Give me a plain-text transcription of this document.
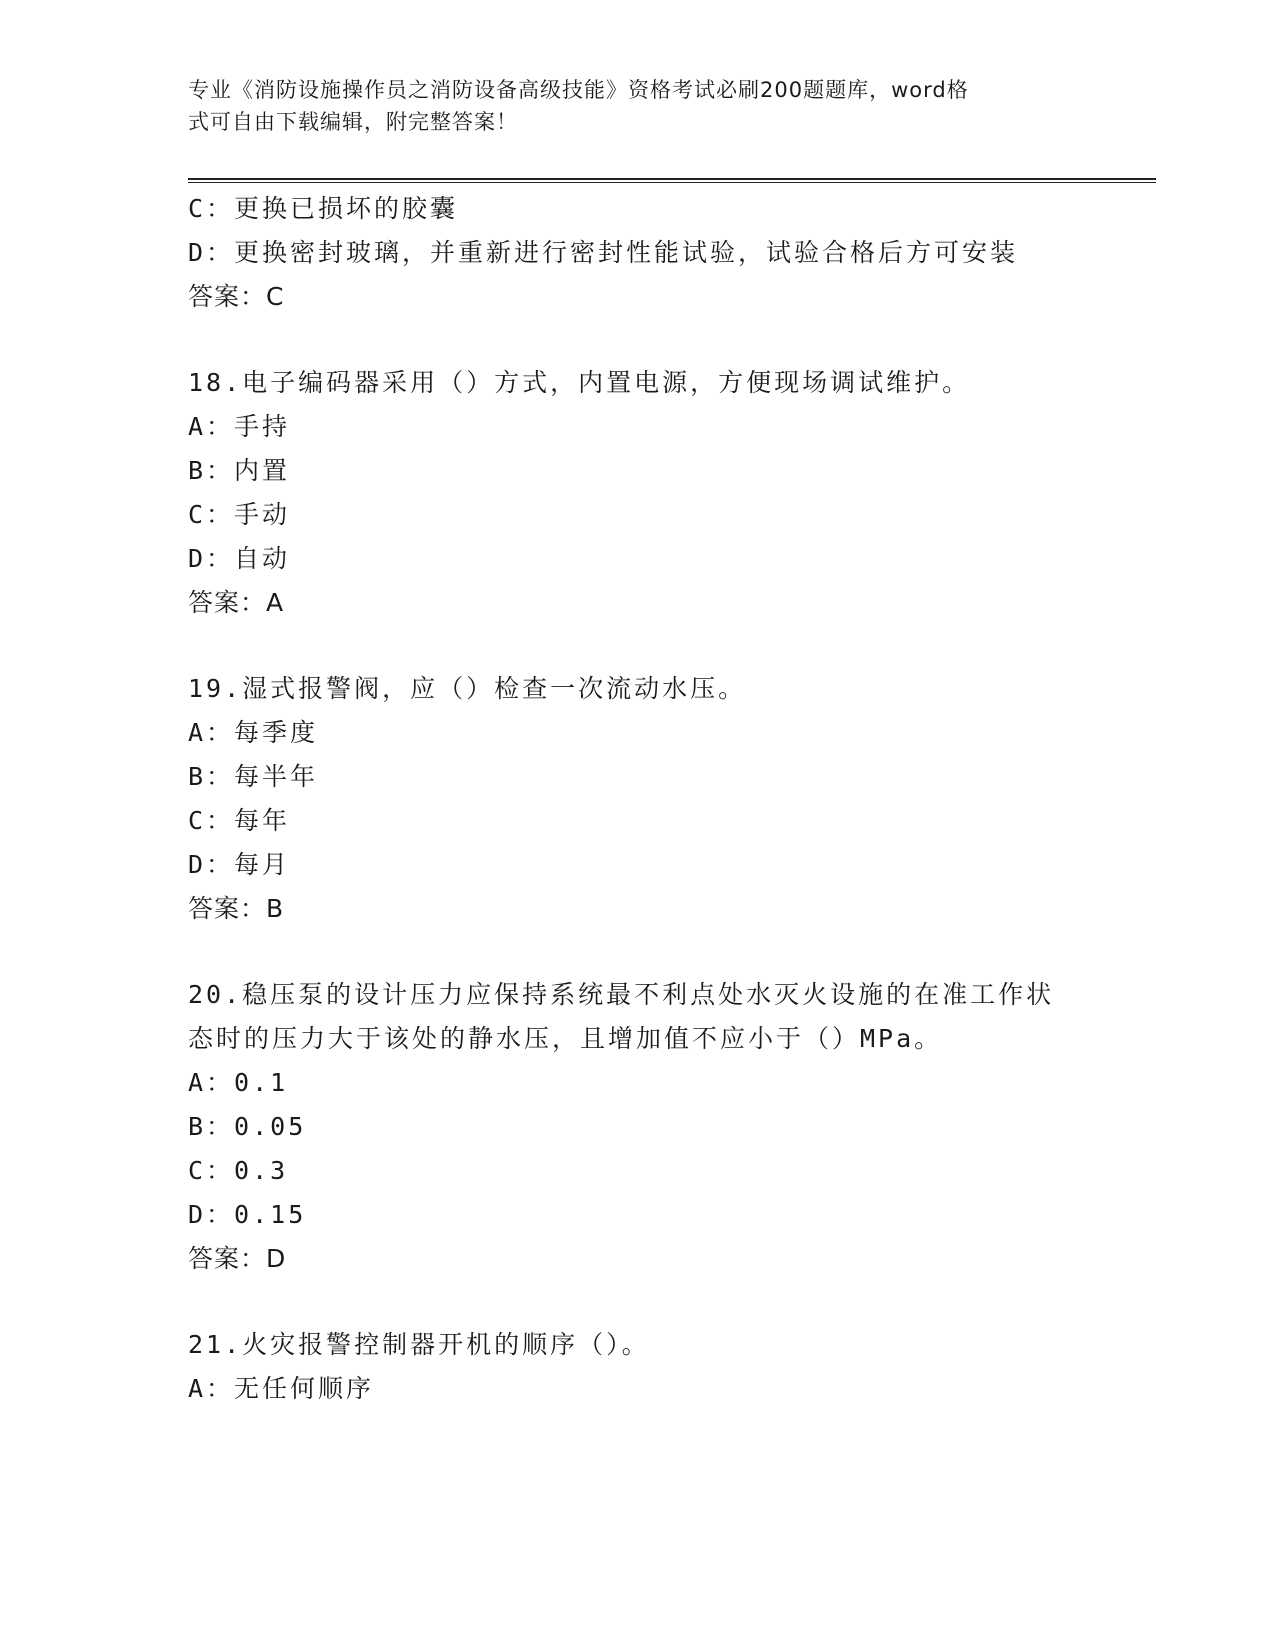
专业《消防设施操作员之消防设备高级技能》资格考试必刷200题题库，word格
式可自由下载编辑，附完整答案！
C：更换已损坏的胶囊
D：更换密封玻璃，并重新进行密封性能试验，试验合格后方可安装
答案：C
18.电子编码器采用（）方式，内置电源，方便现场调试维护。
A：手持
B：内置
C：手动
D：自动
答案：A
19.湿式报警阀，应（）检查一次流动水压。
A：每季度
B：每半年
C：每年
D：每月
答案：B
20.稳压泵的设计压力应保持系统最不利点处水灭火设施的在准工作状
态时的压力大于该处的静水压，且增加值不应小于（）MPa。
A：0.1
B：0.05
C：0.3
D：0.15
答案：D
21.火灾报警控制器开机的顺序（）。
A：无任何顺序
